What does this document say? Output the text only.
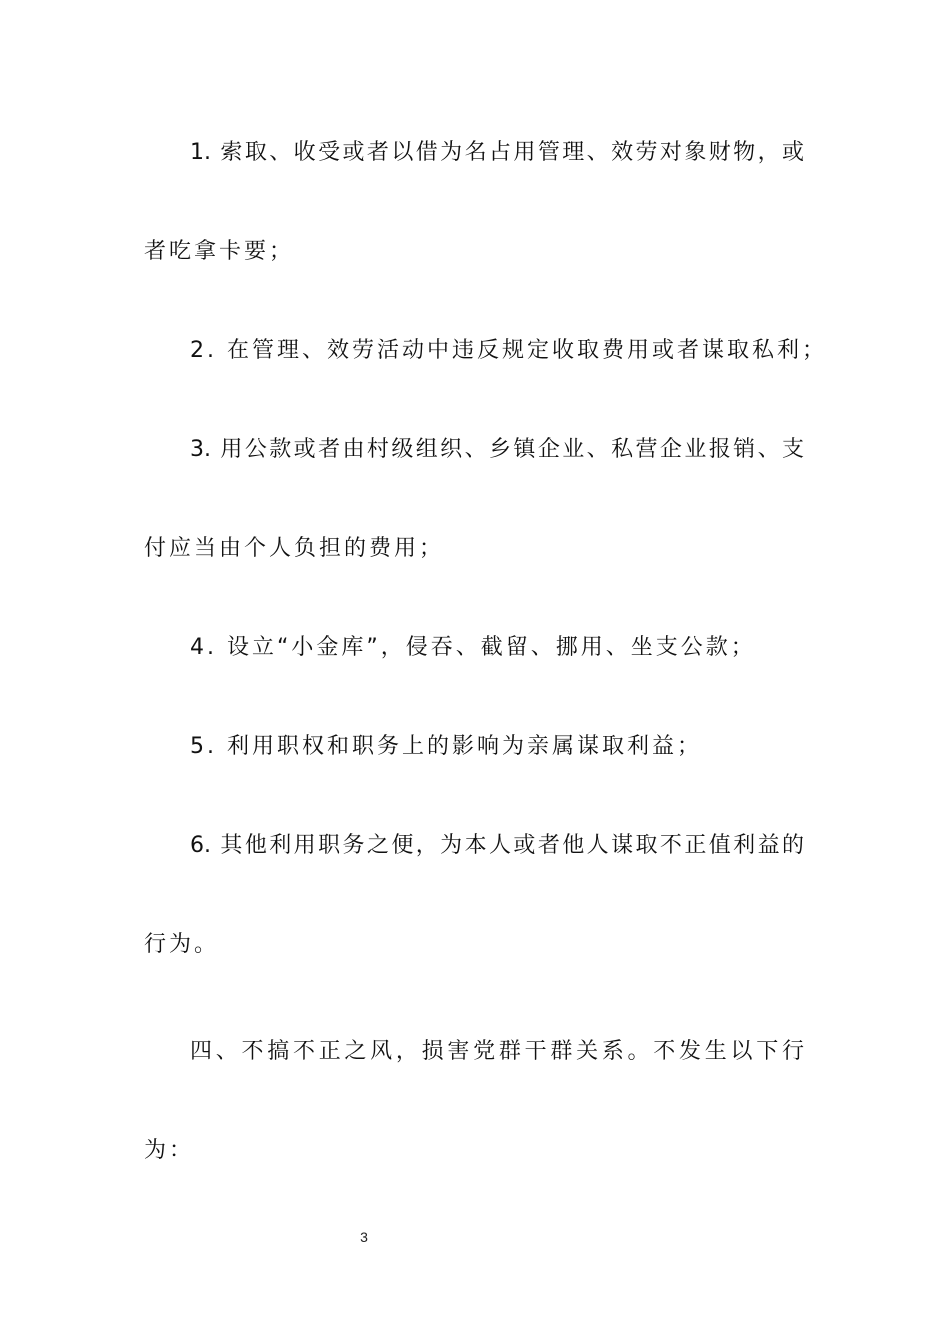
1. 索取、收受或者以借为名占用管理、效劳对象财物，或

者吃拿卡要；

2. 在管理、效劳活动中违反规定收取费用或者谋取私利；

3. 用公款或者由村级组织、乡镇企业、私营企业报销、支

付应当由个人负担的费用；

4. 设立“小金库”，侵吞、截留、挪用、坐支公款；

5. 利用职权和职务上的影响为亲属谋取利益；

6. 其他利用职务之便，为本人或者他人谋取不正值利益的

行为。

四、不搞不正之风，损害党群干群关系。不发生以下行

为：

3
